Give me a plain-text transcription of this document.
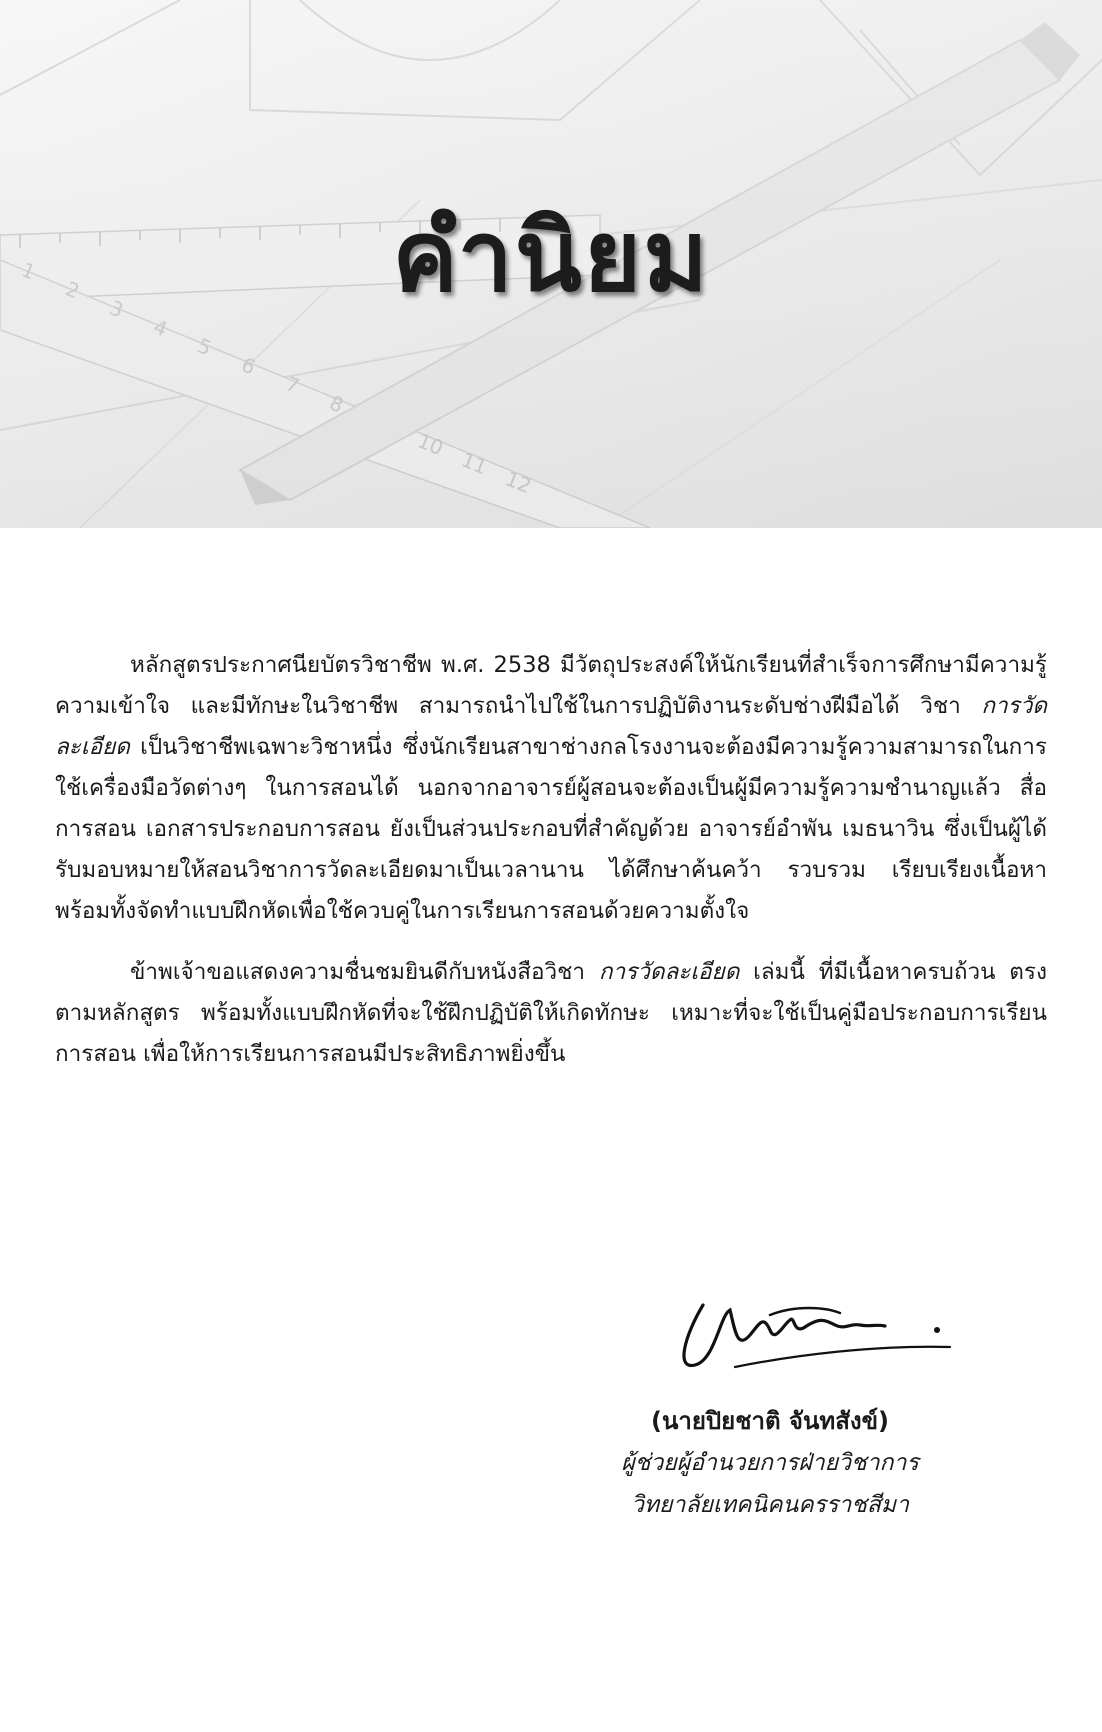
คำนิยม

หลักสูตรประกาศนียบัตรวิชาชีพ พ.ศ. 2538 มีวัตถุประสงค์ให้นักเรียนที่สำเร็จการศึกษามีความรู้ ความเข้าใจ และมีทักษะในวิชาชีพ สามารถนำไปใช้ในการปฏิบัติงานระดับช่างฝีมือได้ วิชา การวัดละเอียด เป็นวิชาชีพเฉพาะวิชาหนึ่ง ซึ่งนักเรียนสาขาช่างกลโรงงานจะต้องมีความรู้ความสามารถในการใช้เครื่องมือวัดต่างๆ ในการสอนได้ นอกจากอาจารย์ผู้สอนจะต้องเป็นผู้มีความรู้ความชำนาญแล้ว สื่อการสอน เอกสารประกอบการสอน ยังเป็นส่วนประกอบที่สำคัญด้วย อาจารย์อำพัน เมธนาวิน ซึ่งเป็นผู้ได้รับมอบหมายให้สอนวิชาการวัดละเอียดมาเป็นเวลานาน ได้ศึกษาค้นคว้า รวบรวม เรียบเรียงเนื้อหา พร้อมทั้งจัดทำแบบฝึกหัดเพื่อใช้ควบคู่ในการเรียนการสอนด้วยความตั้งใจ

ข้าพเจ้าขอแสดงความชื่นชมยินดีกับหนังสือวิชา การวัดละเอียด เล่มนี้ ที่มีเนื้อหาครบถ้วน ตรงตามหลักสูตร พร้อมทั้งแบบฝึกหัดที่จะใช้ฝึกปฏิบัติให้เกิดทักษะ เหมาะที่จะใช้เป็นคู่มือประกอบการเรียนการสอน เพื่อให้การเรียนการสอนมีประสิทธิภาพยิ่งขึ้น

(นายปิยชาติ จันทสังข์)
ผู้ช่วยผู้อำนวยการฝ่ายวิชาการ
วิทยาลัยเทคนิคนครราชสีมา
